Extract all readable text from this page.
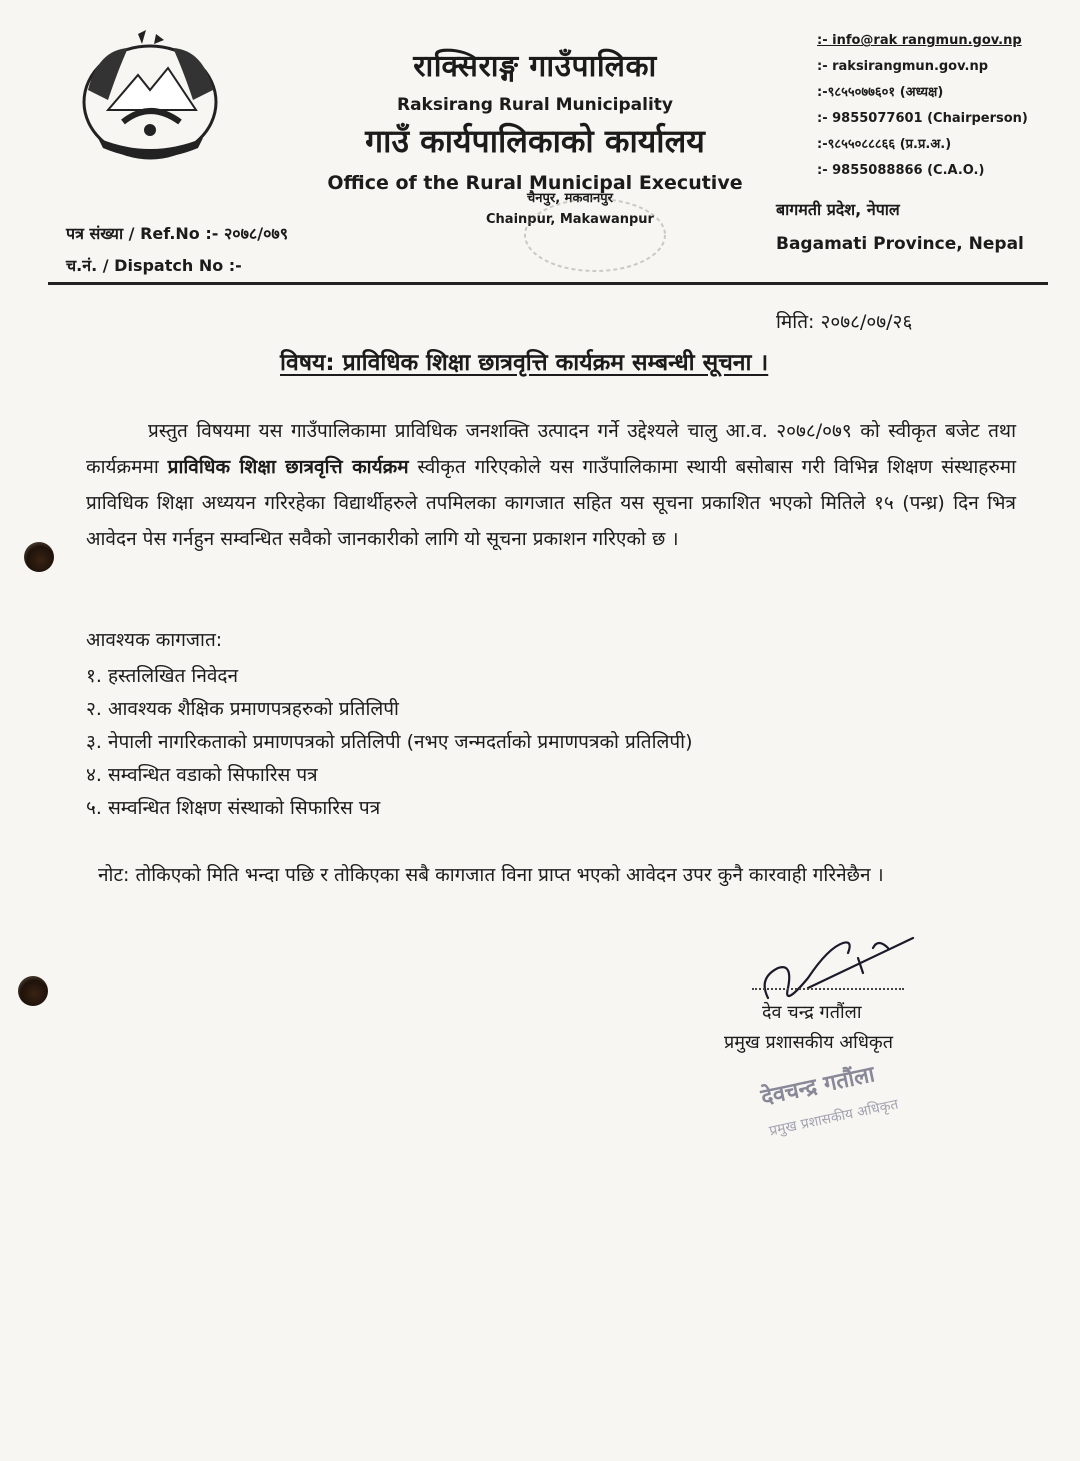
राक्सिराङ्ग गाउँपालिका
Raksirang Rural Municipality
गाउँ कार्यपालिकाको कार्यालय
Office of the Rural Municipal Executive
चैनपुर, मकवानपुर
Chainpur, Makawanpur
:- info@rak rangmun.gov.np
:- raksirangmun.gov.np
:-९८५५०७७६०१ (अध्यक्ष)
:- 9855077601 (Chairperson)
:-९८५५०८८८६६ (प्र.प्र.अ.)
:- 9855088866 (C.A.O.)
बागमती प्रदेश, नेपाल
Bagamati Province, Nepal
पत्र संख्या / Ref.No :- २०७८/०७९
च.नं. / Dispatch No :-
मिति: २०७८/०७/२६
विषय: प्राविधिक शिक्षा छात्रवृत्ति कार्यक्रम सम्बन्धी सूचना ।
प्रस्तुत विषयमा यस गाउँपालिकामा प्राविधिक जनशक्ति उत्पादन गर्ने उद्देश्यले चालु आ.व. २०७८/०७९ को स्वीकृत बजेट तथा कार्यक्रममा प्राविधिक शिक्षा छात्रवृत्ति कार्यक्रम स्वीकृत गरिएकोले यस गाउँपालिकामा स्थायी बसोबास गरी विभिन्न शिक्षण संस्थाहरुमा प्राविधिक शिक्षा अध्ययन गरिरहेका विद्यार्थीहरुले तपमिलका कागजात सहित यस सूचना प्रकाशित भएको मितिले १५ (पन्ध्र) दिन भित्र आवेदन पेस गर्नहुन सम्वन्धित सवैको जानकारीको लागि यो सूचना प्रकाशन गरिएको छ ।
आवश्यक कागजात:
१. हस्तलिखित निवेदन
२. आवश्यक शैक्षिक प्रमाणपत्रहरुको प्रतिलिपी
३. नेपाली नागरिकताको प्रमाणपत्रको प्रतिलिपी (नभए जन्मदर्ताको प्रमाणपत्रको प्रतिलिपी)
४. सम्वन्धित वडाको सिफारिस पत्र
५. सम्वन्धित शिक्षण संस्थाको सिफारिस पत्र
नोट: तोकिएको मिति भन्दा पछि र तोकिएका सबै कागजात विना प्राप्त भएको आवेदन उपर कुनै कारवाही गरिनेछैन ।
देव चन्द्र गतौंला
प्रमुख प्रशासकीय अधिकृत
देवचन्द्र गतौंला
प्रमुख प्रशासकीय अधिकृत
